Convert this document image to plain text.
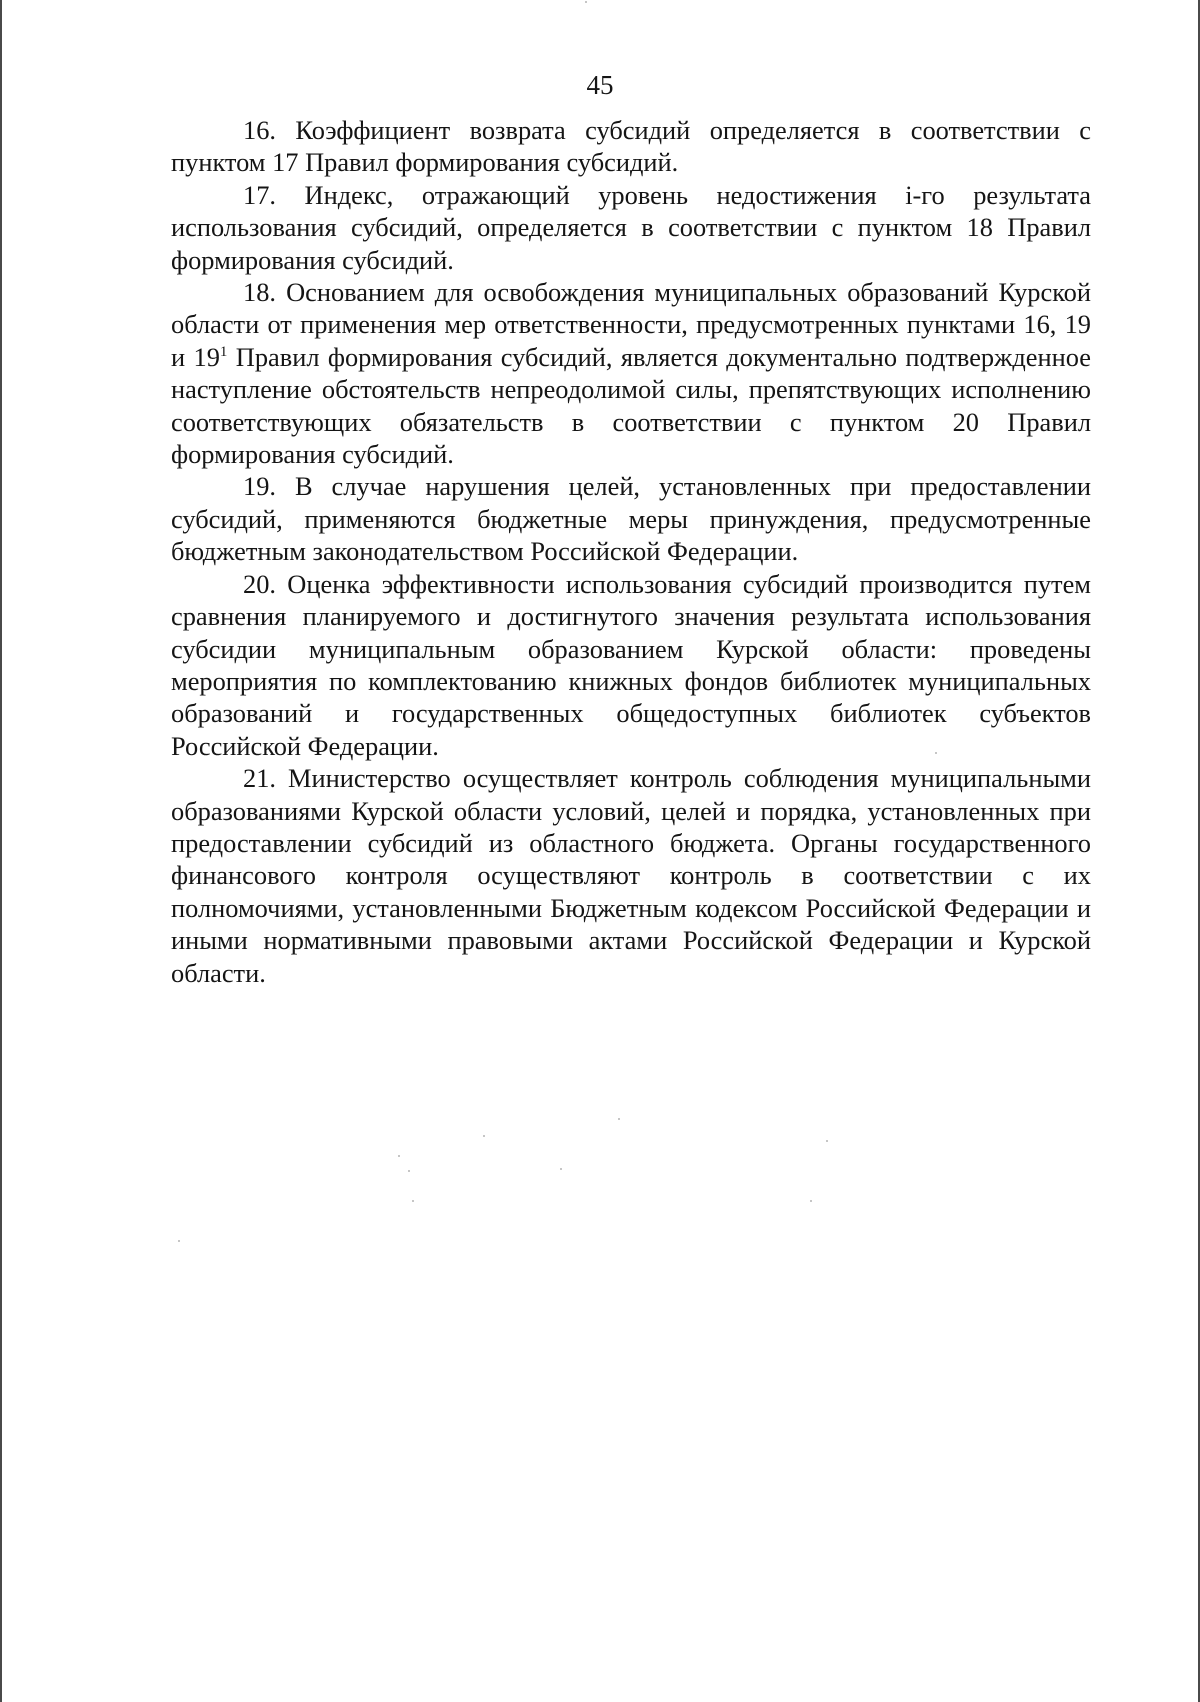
45

16. Коэффициент возврата субсидий определяется в соответствии с пунктом 17 Правил формирования субсидий.

17. Индекс, отражающий уровень недостижения i-го результата использования субсидий, определяется в соответствии с пунктом 18 Правил формирования субсидий.

18. Основанием для освобождения муниципальных образований Курской области от применения мер ответственности, предусмотренных пунктами 16, 19 и $19^1$ Правил формирования субсидий, является документально подтвержденное наступление обстоятельств непреодолимой силы, препятствующих исполнению соответствующих обязательств в соответствии с пунктом 20 Правил формирования субсидий.

19. В случае нарушения целей, установленных при предоставлении субсидий, применяются бюджетные меры принуждения, предусмотренные бюджетным законодательством Российской Федерации.

20. Оценка эффективности использования субсидий производится путем сравнения планируемого и достигнутого значения результата использования субсидии муниципальным образованием Курской области: проведены мероприятия по комплектованию книжных фондов библиотек муниципальных образований и государственных общедоступных библиотек субъектов Российской Федерации.

21. Министерство осуществляет контроль соблюдения муниципальными образованиями Курской области условий, целей и порядка, установленных при предоставлении субсидий из областного бюджета. Органы государственного финансового контроля осуществляют контроль в соответствии с их полномочиями, установленными Бюджетным кодексом Российской Федерации и иными нормативными правовыми актами Российской Федерации и Курской области.
